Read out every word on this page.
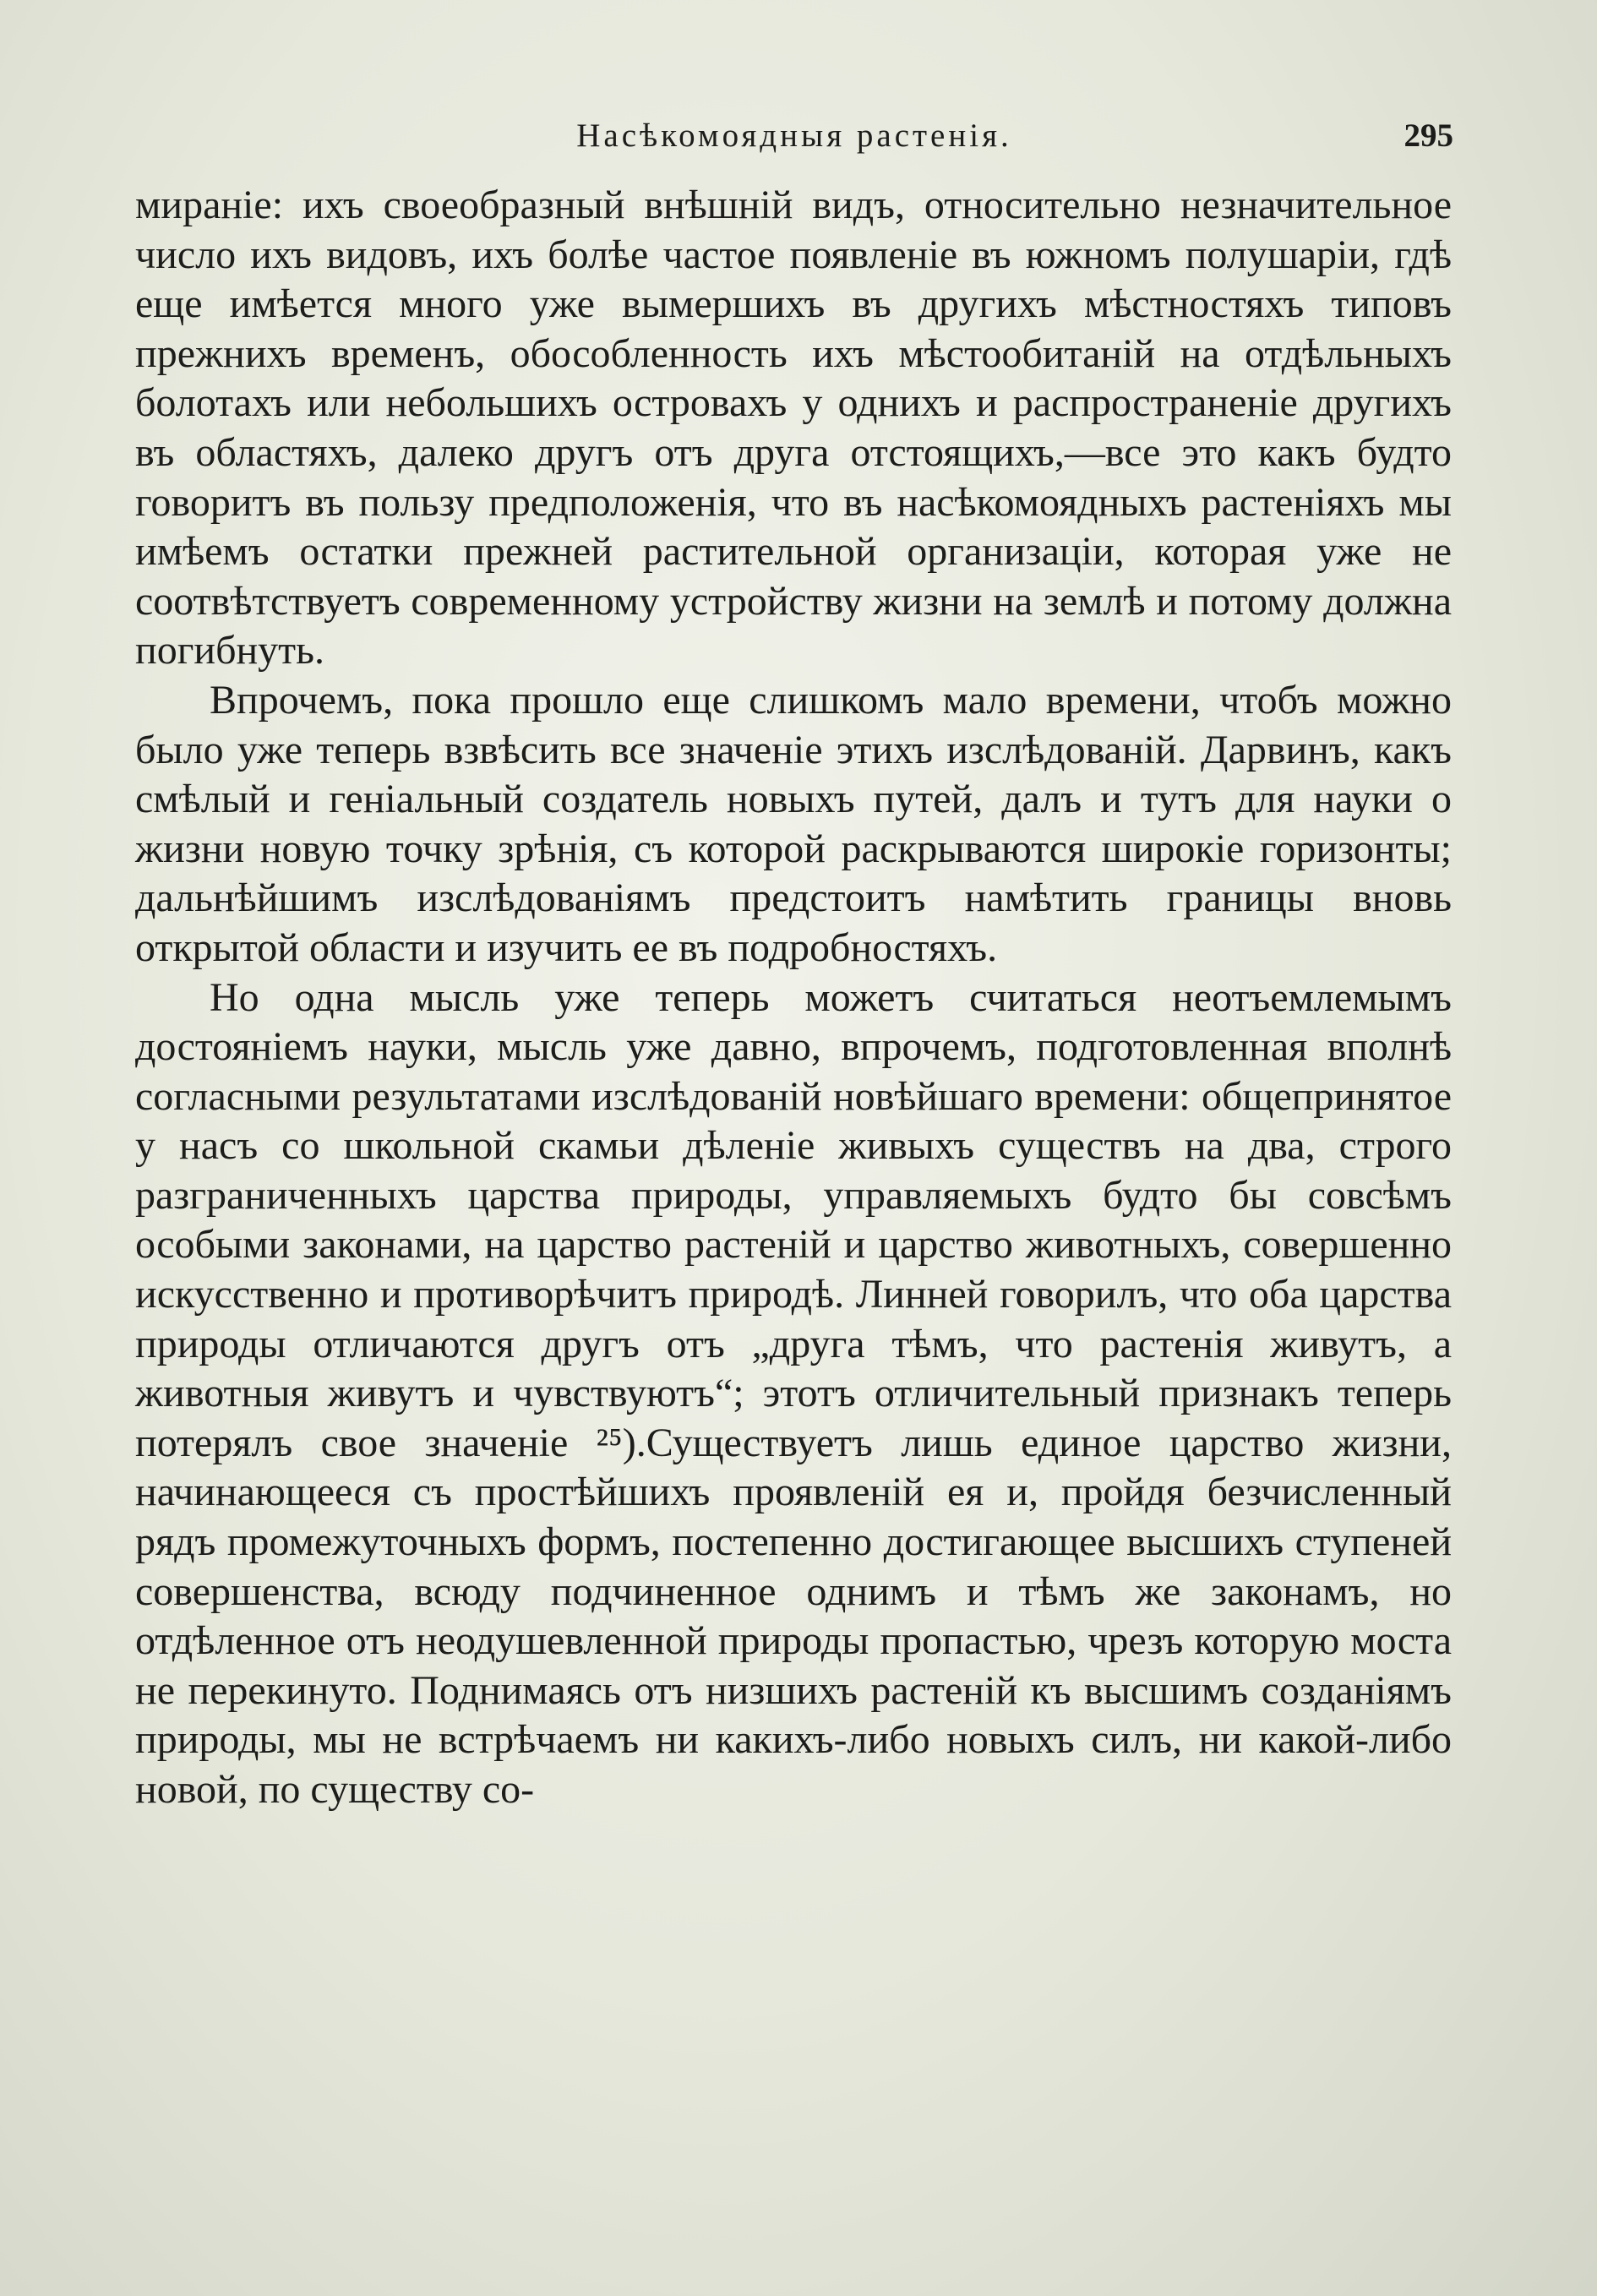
Насѣкомоядныя растенія.	295

мираніе: ихъ своеобразный внѣшній видъ, относительно незначительное число ихъ видовъ, ихъ болѣе частое появленіе въ южномъ полушаріи, гдѣ еще имѣется много уже вымершихъ въ другихъ мѣстностяхъ типовъ прежнихъ временъ, обособленность ихъ мѣстообитаній на отдѣльныхъ болотахъ или небольшихъ островахъ у однихъ и распространеніе другихъ въ областяхъ, далеко другъ отъ друга отстоящихъ,—все это какъ будто говоритъ въ пользу предположенія, что въ насѣкомоядныхъ растеніяхъ мы имѣемъ остатки прежней растительной организаціи, которая уже не соотвѣтствуетъ современному устройству жизни на землѣ и потому должна погибнуть.

Впрочемъ, пока прошло еще слишкомъ мало времени, чтобъ можно было уже теперь взвѣсить все значеніе этихъ изслѣдованій. Дарвинъ, какъ смѣлый и геніальный создатель новыхъ путей, далъ и тутъ для науки о жизни новую точку зрѣнія, съ которой раскрываются широкіе горизонты; дальнѣйшимъ изслѣдованіямъ предстоитъ намѣтить границы вновь открытой области и изучить ее въ подробностяхъ.

Но одна мысль уже теперь можетъ считаться неотъемлемымъ достояніемъ науки, мысль уже давно, впрочемъ, подготовленная вполнѣ согласными результатами изслѣдованій новѣйшаго времени: общепринятое у насъ со школьной скамьи дѣленіе живыхъ существъ на два, строго разграниченныхъ царства природы, управляемыхъ будто бы совсѣмъ особыми законами, на царство растеній и царство животныхъ, совершенно искусственно и противорѣчитъ природѣ. Линней говорилъ, что оба царства природы отличаются другъ отъ „друга тѣмъ, что растенія живутъ, а животныя живутъ и чувствуютъ“; этотъ отличительный признакъ теперь потерялъ свое значеніе ²⁵).Существуетъ лишь единое царство жизни, начинающееся съ простѣйшихъ проявленій ея и, пройдя безчисленный рядъ промежуточныхъ формъ, постепенно достигающее высшихъ ступеней совершенства, всюду подчиненное однимъ и тѣмъ же законамъ, но отдѣленное отъ неодушевленной природы пропастью, чрезъ которую моста не перекинуто. Поднимаясь отъ низшихъ растеній къ высшимъ созданіямъ природы, мы не встрѣчаемъ ни какихъ-либо новыхъ силъ, ни какой-либо новой, по существу со-
